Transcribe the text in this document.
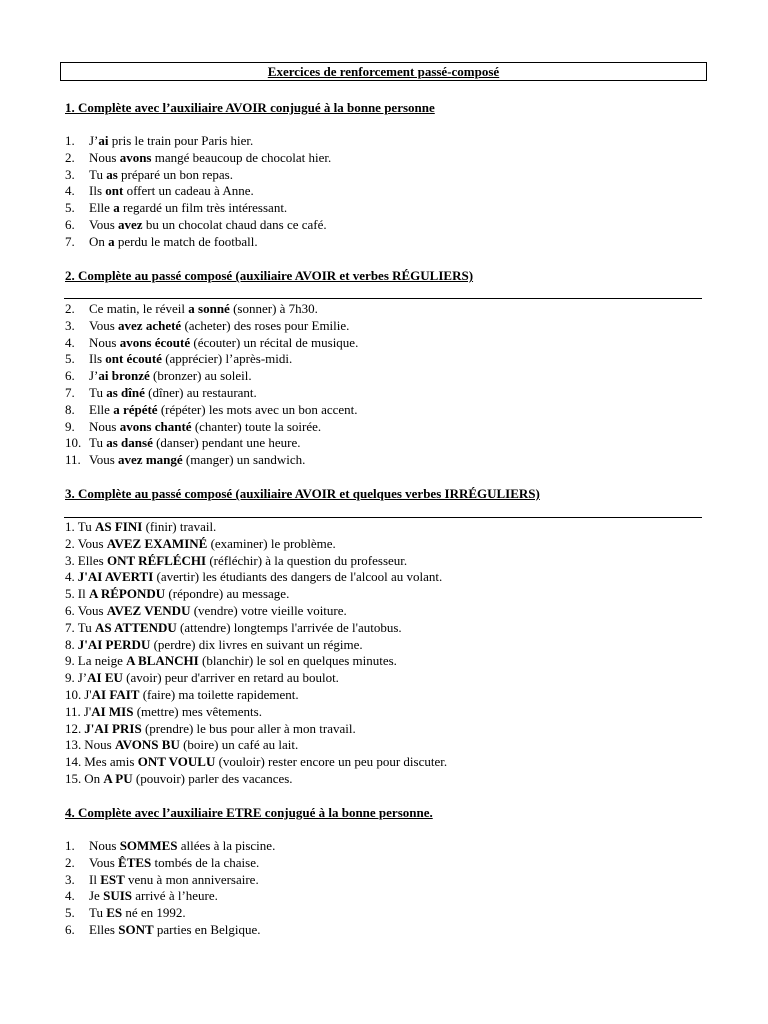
Exercices de renforcement passé-composé
1. Complète avec l’auxiliaire AVOIR conjugué à la bonne personne
1. J’ai pris le train pour Paris hier.
2. Nous avons mangé beaucoup de chocolat hier.
3. Tu as préparé un bon repas.
4. Ils ont offert un cadeau à Anne.
5. Elle a regardé un film très intéressant.
6. Vous avez bu un chocolat chaud dans ce café.
7. On a perdu le match de football.
2. Complète au passé composé (auxiliaire AVOIR et verbes RÉGULIERS)
2. Ce matin, le réveil a sonné (sonner) à 7h30.
3. Vous avez acheté (acheter) des roses pour Emilie.
4. Nous avons écouté (écouter) un récital de musique.
5. Ils ont écouté (apprécier) l’après-midi.
6. J’ai bronzé (bronzer) au soleil.
7. Tu as dîné (dîner) au restaurant.
8. Elle a répété (répéter) les mots avec un bon accent.
9. Nous avons chanté (chanter) toute la soirée.
10. Tu as dansé (danser) pendant une heure.
11. Vous avez mangé (manger) un sandwich.
3. Complète au passé composé (auxiliaire AVOIR et quelques verbes IRRÉGULIERS)
1. Tu AS FINI (finir) travail.
2. Vous AVEZ EXAMINÉ (examiner) le problème.
3. Elles ONT RÉFLÉCHI (réfléchir) à la question du professeur.
4. J'AI AVERTI (avertir) les étudiants des dangers de l'alcool au volant.
5. Il A RÉPONDU (répondre) au message.
6. Vous AVEZ VENDU (vendre) votre vieille voiture.
7. Tu AS ATTENDU (attendre) longtemps l'arrivée de l'autobus.
8. J'AI PERDU (perdre) dix livres en suivant un régime.
9. La neige A BLANCHI (blanchir) le sol en quelques minutes.
9. J’AI EU (avoir) peur d'arriver en retard au boulot.
10. J'AI FAIT (faire) ma toilette rapidement.
11. J'AI MIS (mettre) mes vêtements.
12. J'AI PRIS (prendre) le bus pour aller à mon travail.
13. Nous AVONS BU (boire) un café au lait.
14. Mes amis ONT VOULU (vouloir) rester encore un peu pour discuter.
15. On A PU (pouvoir) parler des vacances.
4. Complète avec l’auxiliaire ETRE conjugué à la bonne personne.
1. Nous SOMMES allées à la piscine.
2. Vous ÊTES tombés de la chaise.
3. Il EST venu à mon anniversaire.
4. Je SUIS arrivé à l’heure.
5. Tu ES né en 1992.
6. Elles SONT parties en Belgique.
